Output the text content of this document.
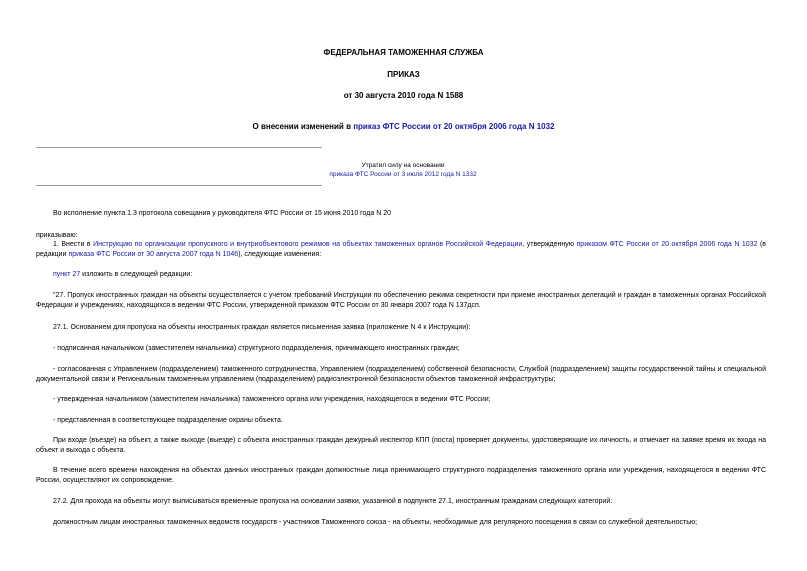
ФЕДЕРАЛЬНАЯ ТАМОЖЕННАЯ СЛУЖБА
ПРИКАЗ
от 30 августа 2010 года N 1588
О внесении изменений в приказ ФТС России от 20 октября 2006 года N 1032
Утратил силу на основании
приказа ФТС России от 3 июля 2012 года N 1332

Во исполнение пункта 1.3 протокола совещания у руководителя ФТС России от 15 июня 2010 года N 20

приказываю:

1. Внести в Инструкцию по организации пропускного и внутриобъектового режимов на объектах таможенных органов Российской Федерации, утвержденную приказом ФТС России от 20 октября 2006 года N 1032 (в редакции приказа ФТС России от 30 августа 2007 года N 1046), следующие изменения:

пункт 27 изложить в следующей редакции:

"27. Пропуск иностранных граждан на объекты осуществляется с учетом требований Инструкции по обеспечению режима секретности при приеме иностранных делегаций и граждан в таможенных органах Российской Федерации и учреждениях, находящихся в ведении ФТС России, утвержденной приказом ФТС России от 30 января 2007 года N 137дсп.

27.1. Основанием для пропуска на объекты иностранных граждан является письменная заявка (приложение N 4 к Инструкции):

- подписанная начальником (заместителем начальника) структурного подразделения, принимающего иностранных граждан;

- согласованная с Управлением (подразделением) таможенного сотрудничества, Управлением (подразделением) собственной безопасности, Службой (подразделением) защиты государственной тайны и специальной документальной связи и Региональным таможенным управлением (подразделением) радиоэлектронной безопасности объектов таможенной инфраструктуры;

- утвержденная начальником (заместителем начальника) таможенного органа или учреждения, находящегося в ведении ФТС России;

- представленная в соответствующее подразделение охраны объекта.

При входе (въезде) на объект, а также выходе (выезде) с объекта иностранных граждан дежурный инспектор КПП (поста) проверяет документы, удостоверяющие их личность, и отмечает на заявке время их входа на объект и выхода с объекта.

В течение всего времени нахождения на объектах данных иностранных граждан должностные лица принимающего структурного подразделения таможенного органа или учреждения, находящегося в ведении ФТС России, осуществляют их сопровождение.

27.2. Для прохода на объекты могут выписываться временные пропуска на основании заявки, указанной в подпункте 27.1, иностранным гражданам следующих категорий:

должностным лицам иностранных таможенных ведомств государств - участников Таможенного союза - на объекты, необходимые для регулярного посещения в связи со служебной деятельностью;
